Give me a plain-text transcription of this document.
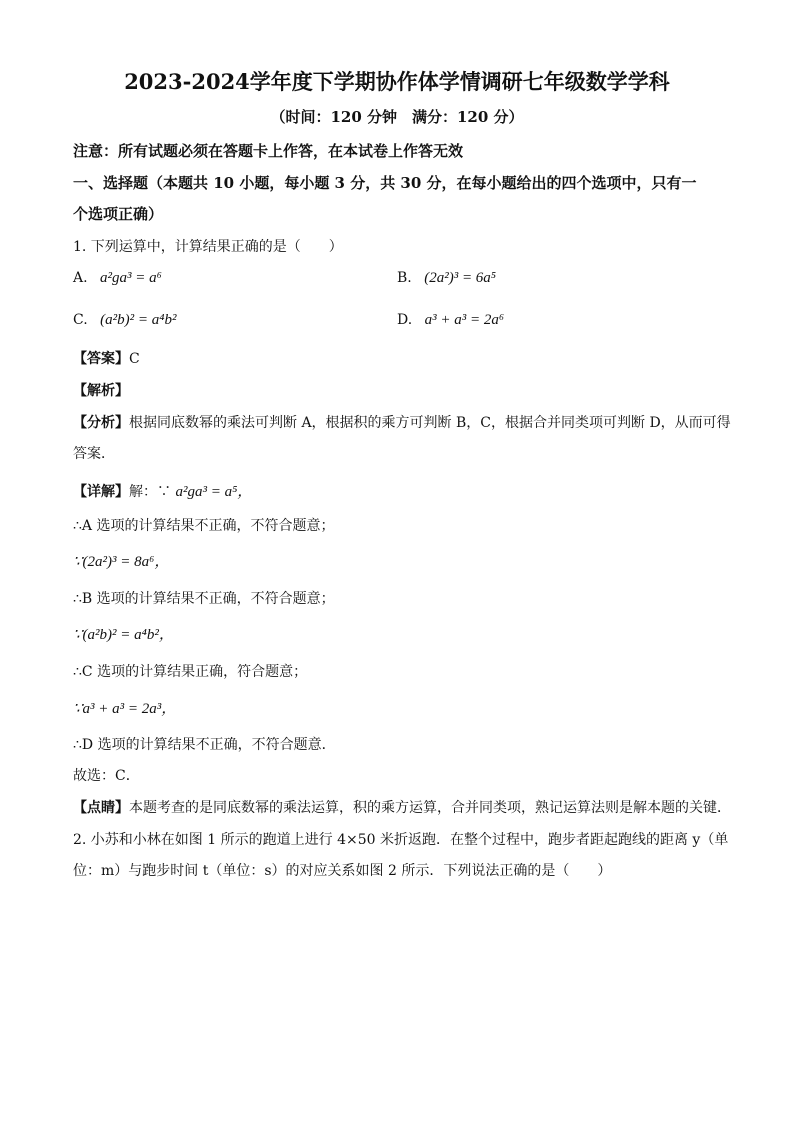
2023-2024学年度下学期协作体学情调研七年级数学学科
（时间：120 分钟　满分：120 分）
注意：所有试题必须在答题卡上作答，在本试卷上作答无效
一、选择题（本题共 10 小题，每小题 3 分，共 30 分，在每小题给出的四个选项中，只有一
个选项正确）
1. 下列运算中，计算结果正确的是（　　）
A. a²ga³ = a⁶	B. (2a²)³ = 6a⁵
C. (a²b)² = a⁴b²	D. a³ + a³ = 2a⁶
【答案】C
【解析】
【分析】根据同底数幂的乘法可判断 A，根据积的乘方可判断 B，C，根据合并同类项可判断 D，从而可得
答案．
【详解】解：∵ a²ga³ = a⁵，
∴A 选项的计算结果不正确，不符合题意；
∵(2a²)³ = 8a⁶，
∴B 选项的计算结果不正确，不符合题意；
∵(a²b)² = a⁴b²，
∴C 选项的计算结果正确，符合题意；
∵a³ + a³ = 2a³，
∴D 选项的计算结果不正确，不符合题意．
故选：C．
【点睛】本题考查的是同底数幂的乘法运算，积的乘方运算，合并同类项，熟记运算法则是解本题的关键．
2. 小苏和小林在如图 1 所示的跑道上进行 4×50 米折返跑．在整个过程中，跑步者距起跑线的距离 y（单
位：m）与跑步时间 t（单位：s）的对应关系如图 2 所示．下列说法正确的是（　　）
